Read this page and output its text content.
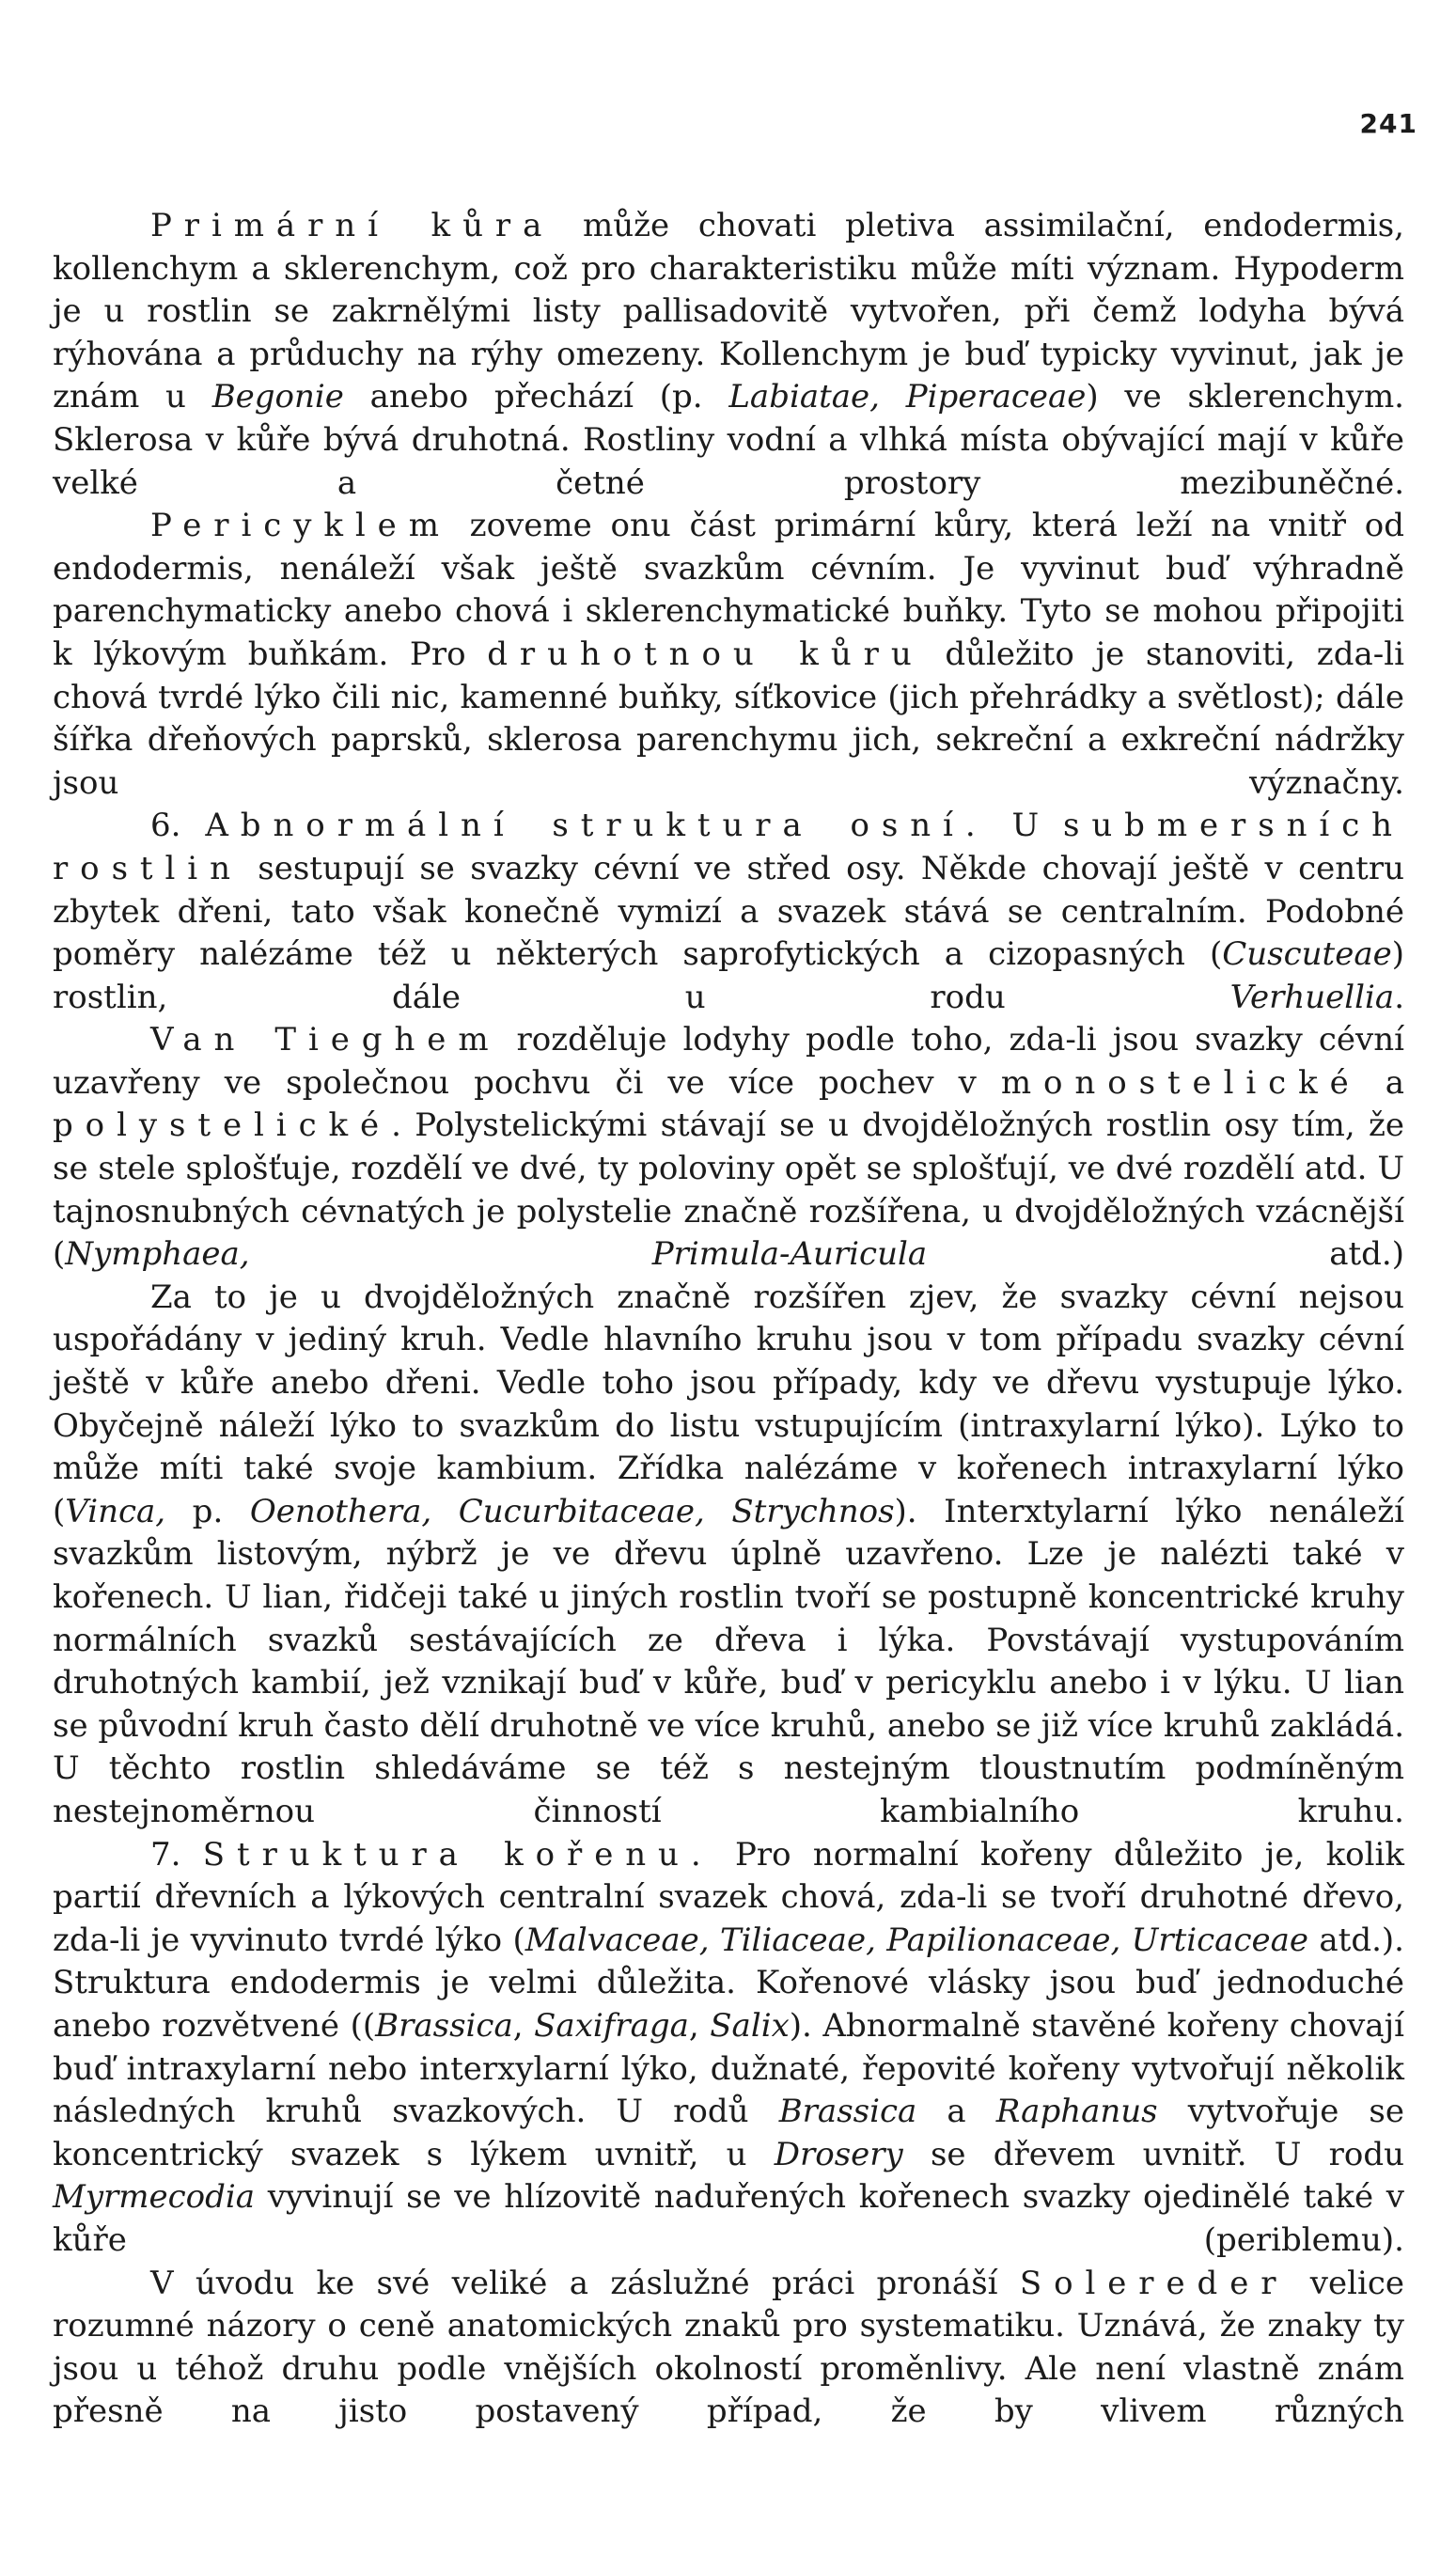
241

Primární kůra může chovati pletiva assimilační, endodermis, kollenchym a sklerenchym, což pro charakteristiku může míti význam. Hypoderm je u rostlin se zakrnělými listy pallisadovitě vytvořen, při čemž lodyha bývá rýhována a průduchy na rýhy omezeny. Kollenchym je buď typicky vyvinut, jak je znám u Begonie anebo přechází (p. Labiatae, Piperaceae) ve sklerenchym. Sklerosa v kůře bývá druhotná. Rostliny vodní a vlhká místa obývající mají v kůře velké a četné prostory mezibuněčné.

Pericyklem zoveme onu část primární kůry, která leží na vnitř od endodermis, nenáleží však ještě svazkům cévním. Je vyvinut buď výhradně parenchymaticky anebo chová i sklerenchymatické buňky. Tyto se mohou připojiti k lýkovým buňkám. Pro druhotnou kůru důležito je stanoviti, zda-li chová tvrdé lýko čili nic, kamenné buňky, síťkovice (jich přehrádky a světlost); dále šířka dřeňových paprsků, sklerosa parenchymu jich, sekreční a exkreční nádržky jsou význačny.

6. Abnormální struktura osní. U submersních rostlin sestupují se svazky cévní ve střed osy. Někde chovají ještě v centru zbytek dřeni, tato však konečně vymizí a svazek stává se centralním. Podobné poměry nalézáme též u některých saprofytických a cizopasných (Cuscuteae) rostlin, dále u rodu Verhuellia.

Van Tieghem rozděluje lodyhy podle toho, zda-li jsou svazky cévní uzavřeny ve společnou pochvu či ve více pochev v monostelické a polystelické. Polystelickými stávají se u dvojděložných rostlin osy tím, že se stele splošťuje, rozdělí ve dvé, ty poloviny opět se splošťují, ve dvé rozdělí atd. U tajnosnubných cévnatých je polystelie značně rozšířena, u dvojděložných vzácnější (Nymphaea, Primula-Auricula atd.)

Za to je u dvojděložných značně rozšířen zjev, že svazky cévní nejsou uspořádány v jediný kruh. Vedle hlavního kruhu jsou v tom případu svazky cévní ještě v kůře anebo dřeni. Vedle toho jsou případy, kdy ve dřevu vystupuje lýko. Obyčejně náleží lýko to svazkům do listu vstupujícím (intraxylarní lýko). Lýko to může míti také svoje kambium. Zřídka nalézáme v kořenech intraxylarní lýko (Vinca, p. Oenothera, Cucurbitaceae, Strychnos). Interxtylarní lýko nenáleží svazkům listovým, nýbrž je ve dřevu úplně uzavřeno. Lze je nalézti také v kořenech. U lian, řidčeji také u jiných rostlin tvoří se postupně koncentrické kruhy normálních svazků sestávajících ze dřeva i lýka. Povstávají vystupováním druhotných kambií, jež vznikají buď v kůře, buď v pericyklu anebo i v lýku. U lian se původní kruh často dělí druhotně ve více kruhů, anebo se již více kruhů zakládá. U těchto rostlin shledáváme se též s nestejným tloustnutím podmíněným nestejnoměrnou činností kambialního kruhu.

7. Struktura kořenu. Pro normalní kořeny důležito je, kolik partií dřevních a lýkových centralní svazek chová, zda-li se tvoří druhotné dřevo, zda-li je vyvinuto tvrdé lýko (Malvaceae, Tiliaceae, Papilionaceae, Urticaceae atd.). Struktura endodermis je velmi důležita. Kořenové vlásky jsou buď jednoduché anebo rozvětvené ((Brassica, Saxifraga, Salix). Abnormalně stavěné kořeny chovají buď intraxylarní nebo interxylarní lýko, dužnaté, řepovité kořeny vytvořují několik následných kruhů svazkových. U rodů Brassica a Raphanus vytvořuje se koncentrický svazek s lýkem uvnitř, u Drosery se dřevem uvnitř. U rodu Myrmecodia vyvinují se ve hlízovitě naduřených kořenech svazky ojedinělé také v kůře (periblemu).

V úvodu ke své veliké a záslužné práci pronáší Solereder velice rozumné názory o ceně anatomických znaků pro systematiku. Uznává, že znaky ty jsou u téhož druhu podle vnějších okolností proměnlivy. Ale není vlastně znám přesně na jisto postavený případ, že by vlivem různých
